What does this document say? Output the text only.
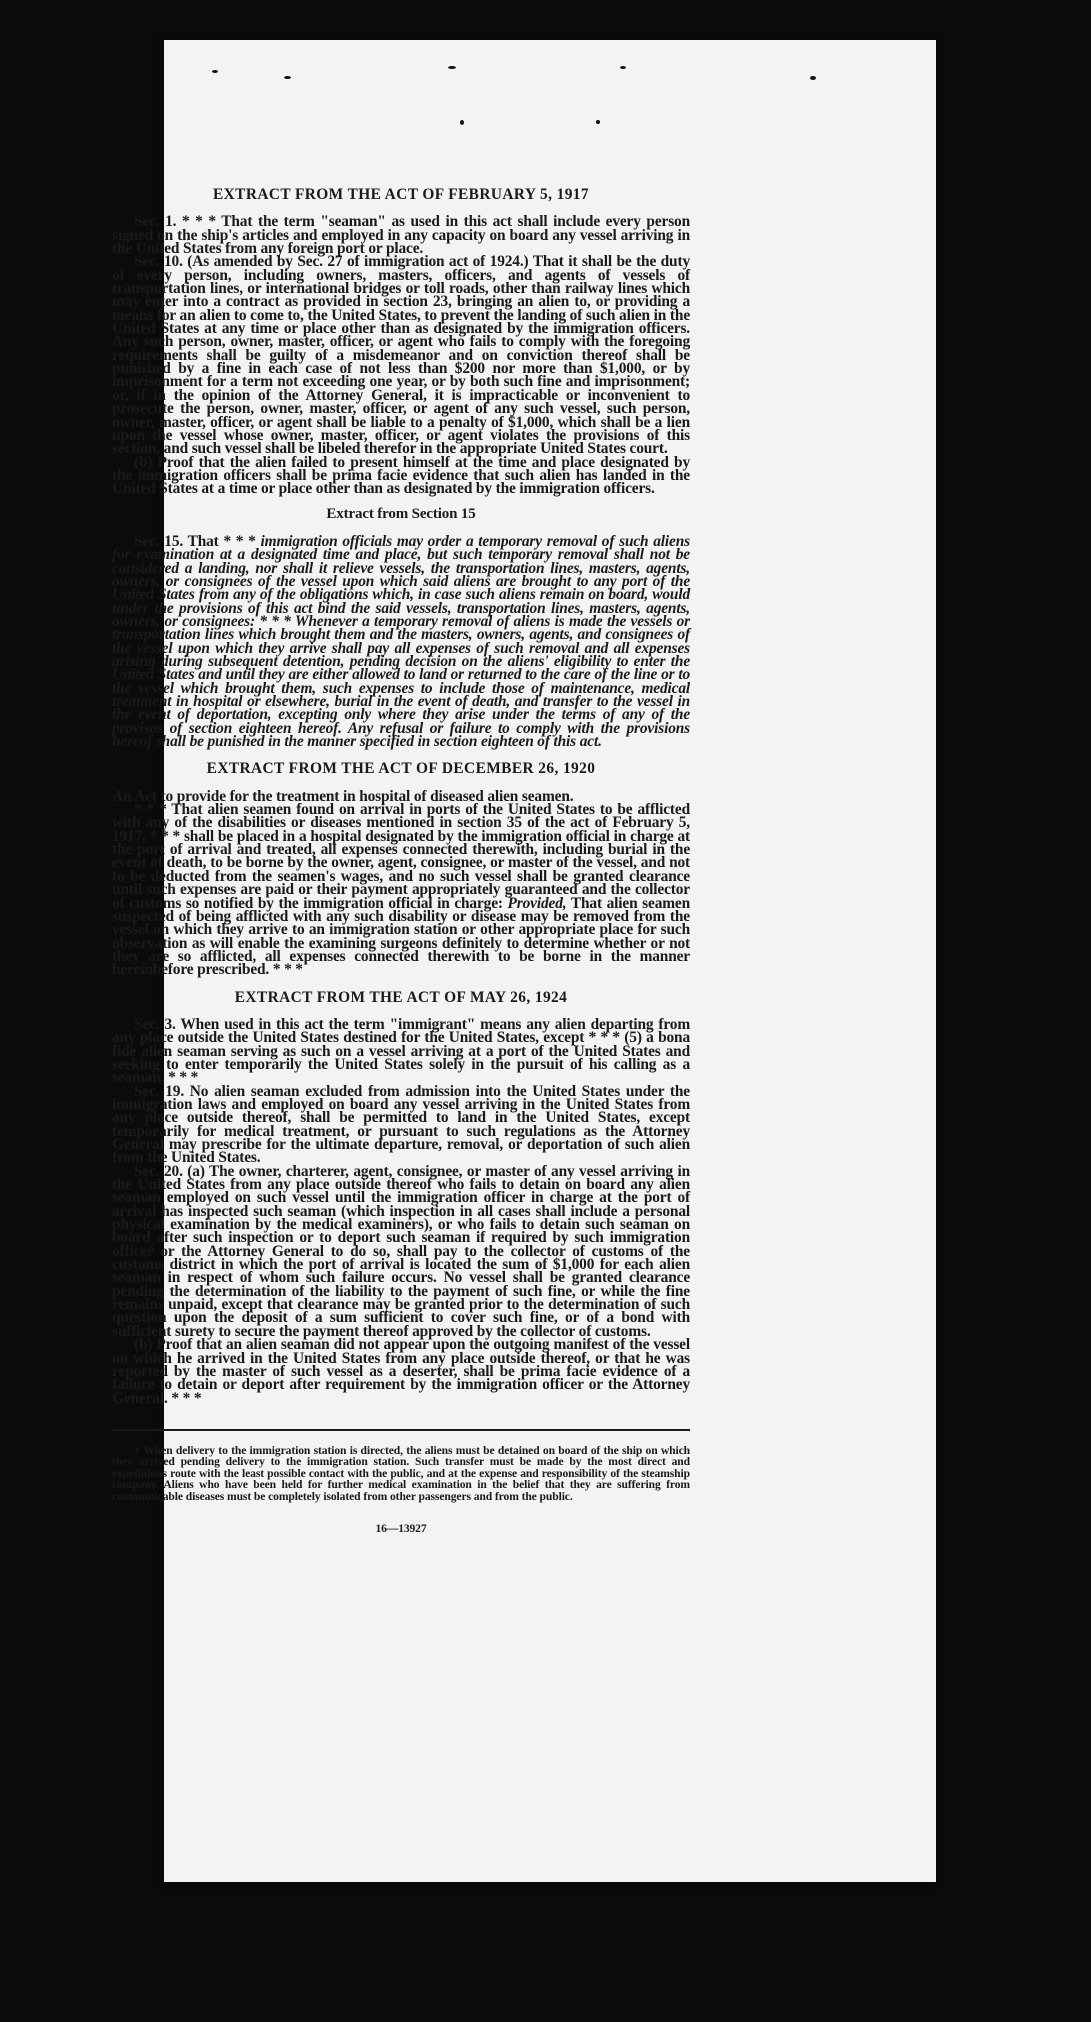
EXTRACT FROM THE ACT OF FEBRUARY 5, 1917

Sec. 1. * * * That the term "seaman" as used in this act shall include every person signed on the ship's articles and employed in any capacity on board any vessel arriving in the United States from any foreign port or place.

Sec. 10. (As amended by Sec. 27 of immigration act of 1924.) That it shall be the duty of every person, including owners, masters, officers, and agents of vessels of transportation lines, or international bridges or toll roads, other than railway lines which may enter into a contract as provided in section 23, bringing an alien to, or providing a means for an alien to come to, the United States, to prevent the landing of such alien in the United States at any time or place other than as designated by the immigration officers. Any such person, owner, master, officer, or agent who fails to comply with the foregoing requirements shall be guilty of a misdemeanor and on conviction thereof shall be punished by a fine in each case of not less than $200 nor more than $1,000, or by imprisonment for a term not exceeding one year, or by both such fine and imprisonment; or, if in the opinion of the Attorney General, it is impracticable or inconvenient to prosecute the person, owner, master, officer, or agent of any such vessel, such person, owner, master, officer, or agent shall be liable to a penalty of $1,000, which shall be a lien upon the vessel whose owner, master, officer, or agent violates the provisions of this section, and such vessel shall be libeled therefor in the appropriate United States court.

(b) Proof that the alien failed to present himself at the time and place designated by the immigration officers shall be prima facie evidence that such alien has landed in the United States at a time or place other than as designated by the immigration officers.

Extract from Section 15

Sec. 15. That * * * immigration officials may order a temporary removal of such aliens for examination at a designated time and place, but such temporary removal shall not be considered a landing, nor shall it relieve vessels, the transportation lines, masters, agents, owners, or consignees of the vessel upon which said aliens are brought to any port of the United States from any of the obligations which, in case such aliens remain on board, would under the provisions of this act bind the said vessels, transportation lines, masters, agents, owners, or consignees: * * * Whenever a temporary removal of aliens is made the vessels or transportation lines which brought them and the masters, owners, agents, and consignees of the vessel upon which they arrive shall pay all expenses of such removal and all expenses arising during subsequent detention, pending decision on the aliens' eligibility to enter the United States and until they are either allowed to land or returned to the care of the line or to the vessel which brought them, such expenses to include those of maintenance, medical treatment in hospital or elsewhere, burial in the event of death, and transfer to the vessel in the event of deportation, excepting only where they arise under the terms of any of the provisos of section eighteen hereof. Any refusal or failure to comply with the provisions hereof shall be punished in the manner specified in section eighteen of this act.

EXTRACT FROM THE ACT OF DECEMBER 26, 1920

An Act to provide for the treatment in hospital of diseased alien seamen.

* * * That alien seamen found on arrival in ports of the United States to be afflicted with any of the disabilities or diseases mentioned in section 35 of the act of February 5, 1917, * * * shall be placed in a hospital designated by the immigration official in charge at the port of arrival and treated, all expenses connected therewith, including burial in the event of death, to be borne by the owner, agent, consignee, or master of the vessel, and not to be deducted from the seamen's wages, and no such vessel shall be granted clearance until such expenses are paid or their payment appropriately guaranteed and the collector of customs so notified by the immigration official in charge: Provided, That alien seamen suspected of being afflicted with any such disability or disease may be removed from the vessel on which they arrive to an immigration station or other appropriate place for such observation as will enable the examining surgeons definitely to determine whether or not they are so afflicted, all expenses connected therewith to be borne in the manner hereinbefore prescribed. * * *

EXTRACT FROM THE ACT OF MAY 26, 1924

Sec. 3. When used in this act the term "immigrant" means any alien departing from any place outside the United States destined for the United States, except * * * (5) a bona fide alien seaman serving as such on a vessel arriving at a port of the United States and seeking to enter temporarily the United States solely in the pursuit of his calling as a seaman. * * *

Sec. 19. No alien seaman excluded from admission into the United States under the immigration laws and employed on board any vessel arriving in the United States from any place outside thereof, shall be permitted to land in the United States, except temporarily for medical treatment, or pursuant to such regulations as the Attorney General may prescribe for the ultimate departure, removal, or deportation of such alien from the United States.

Sec. 20. (a) The owner, charterer, agent, consignee, or master of any vessel arriving in the United States from any place outside thereof who fails to detain on board any alien seaman employed on such vessel until the immigration officer in charge at the port of arrival has inspected such seaman (which inspection in all cases shall include a personal physical examination by the medical examiners), or who fails to detain such seaman on board after such inspection or to deport such seaman if required by such immigration officer or the Attorney General to do so, shall pay to the collector of customs of the customs district in which the port of arrival is located the sum of $1,000 for each alien seaman in respect of whom such failure occurs. No vessel shall be granted clearance pending the determination of the liability to the payment of such fine, or while the fine remains unpaid, except that clearance may be granted prior to the determination of such question upon the deposit of a sum sufficient to cover such fine, or of a bond with sufficient surety to secure the payment thereof approved by the collector of customs.

(b) Proof that an alien seaman did not appear upon the outgoing manifest of the vessel on which he arrived in the United States from any place outside thereof, or that he was reported by the master of such vessel as a deserter, shall be prima facie evidence of a failure to detain or deport after requirement by the immigration officer or the Attorney General. * * *

† When delivery to the immigration station is directed, the aliens must be detained on board of the ship on which they arrived pending delivery to the immigration station. Such transfer must be made by the most direct and expeditious route with the least possible contact with the public, and at the expense and responsibility of the steamship company. Aliens who have been held for further medical examination in the belief that they are suffering from communicable diseases must be completely isolated from other passengers and from the public.

16—13927
